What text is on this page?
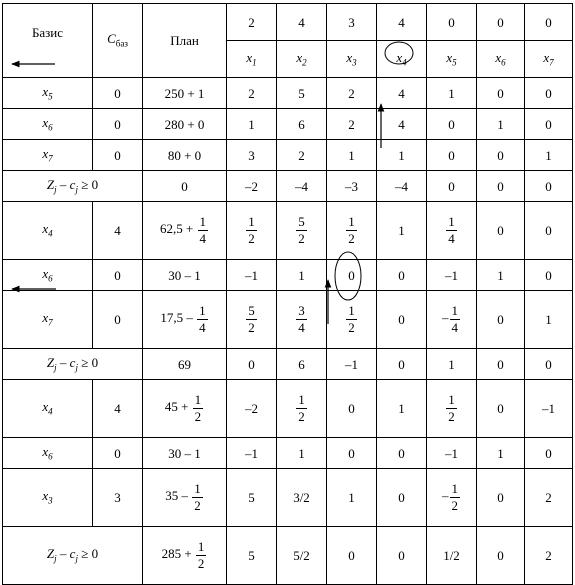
Базис	$C_{баз}$	План	2	4	3	4	0	0	0
			$x_1$	$x_2$	$x_3$	$x_4$	$x_5$	$x_6$	$x_7$
$x_5$	0	250 + 1	2	5	2	4	1	0	0
$x_6$	0	280 + 0	1	6	2	4	0	1	0
$x_7$	0	80 + 0	3	2	1	1	0	0	1
$Z_j - c_j \ge 0$		0	–2	–4	–3	–4	0	0	0
$x_4$	4	$62,5 + \frac{1}{4}$	$\frac{1}{2}$	$\frac{5}{2}$	$\frac{1}{2}$	1	$\frac{1}{4}$	0	0
$x_6$	0	30 – 1	–1	1	0	0	–1	1	0
$x_7$	0	$17,5 - \frac{1}{4}$	$\frac{5}{2}$	$\frac{3}{4}$	$\frac{1}{2}$	0	– $\frac{1}{4}$	0	1
$Z_j - c_j \ge 0$		69	0	6	–1	0	1	0	0
$x_4$	4	$45 + \frac{1}{2}$	–2	$\frac{1}{2}$	0	1	$\frac{1}{2}$	0	–1
$x_6$	0	30 – 1	–1	1	0	0	–1	1	0
$x_3$	3	$35 - \frac{1}{2}$	5	3/2	1	0	– $\frac{1}{2}$	0	2
$Z_j - c_j \ge 0$		$285 + \frac{1}{2}$	5	5/2	0	0	1/2	0	2
